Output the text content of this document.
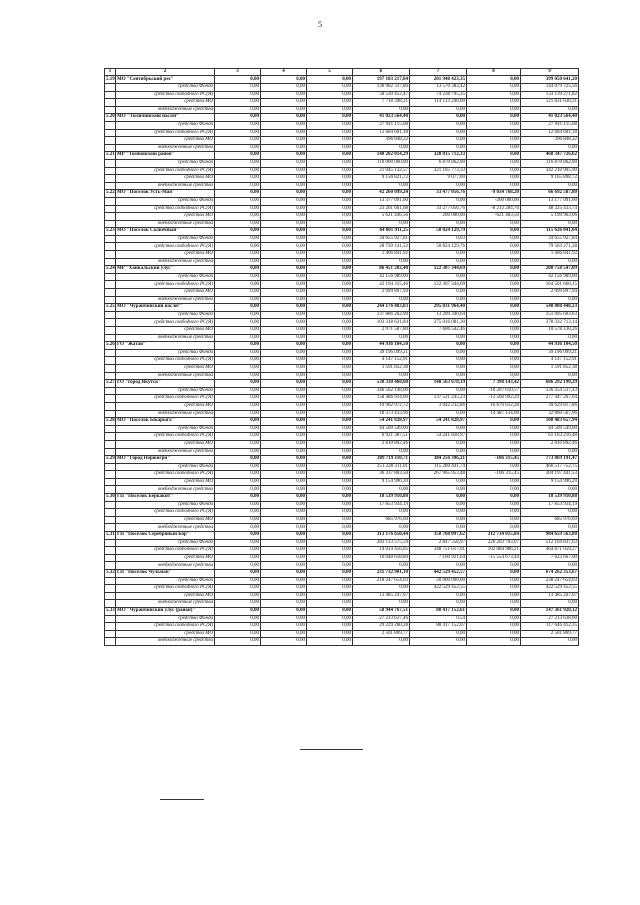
5
1	2	3	4	5	6	7	8	9
5.19	МО "Сентябрьский рес"	0,00	0,00	0,00	197 103 217,84	201 948 423,35	0,00	399 050 641,20
	средства Фонда	0,00	0,00	0,00	130 902 337,86	13 570 383,42	0,00	144 079 725,56
	средства свободного РС(Я)	0,00	0,00	0,00	58 530 452,47	74 238 795,35	0,00	133 139 271,82
	средства МО	0,00	0,00	0,00	7 718 398,21	114 113 240,00	0,00	121 831 638,21
	внебюджетные средства	0,00	0,00	0,00	0,00	0,00	0,00	0,00
5.20	МО "Тиличинский наслег"	0,00	0,00	0,00	41 023 564,40	0,00	0,00	41 023 564,40
	средства Фонда	0,00	0,00	0,00	27 941 115,08	0,00	0,00	27 941 115,08
	средства свободного РС(Я)	0,00	0,00	0,00	12 684 601,18	0,00	0,00	12 684 601,18
	средства МО	0,00	0,00	0,00	396 848,22	0,00	0,00	396 848,22
	внебюджетные средства	0,00	0,00	0,00	0,00	0,00	0,00	0,00
5.21	МР "Томпонский район"	0,00	0,00	0,00	140 202 014,29	328 015 712,33	0,00	468 347 726,62
	средства Фонда	0,00	0,00	0,00	110 000 060,00	6 870 862,00	0,00	116 870 862,00
	средства свободного РС(Я)	0,00	0,00	0,00	21 045 132,57	321 165 773,33	0,00	342 210 905,90
	средства МО	0,00	0,00	0,00	9 156 821,72	9 077,00	0,00	9 165 898,72
	внебюджетные средства	0,00	0,00	0,00	0,00	0,00	0,00	0,00
5.22	МО "Поселок Усть-Мая"	0,00	0,00	0,00	42 260 099,24	33 477 056,76	-9 034 768,20	66 692 587,80
	средства Фонда	0,00	0,00	0,00	13 377 091,00	0,00	-200 000,00	13 177 091,00
	средства свободного РС(Я)	0,00	0,00	0,00	23 261 661,68	33 277 056,76	-8 213 284,70	48 325 433,74
	средства МО	0,00	0,00	0,00	5 621 446,56	200 000,00	-621 483,50	5 199 963,06
	внебюджетные средства	0,00	0,00	0,00	0,00	0,00	0,00	0,00
5.23	МО "Поселок Солнечный"	0,00	0,00	0,00	64 801 911,25	50 824 129,79	0,00	115 626 041,04
	средства Фонда	0,00	0,00	0,00	34 655 927,81	0,03	0,00	34 655 927,84
	средства свободного РС(Я)	0,00	0,00	0,00	28 739 141,52	50 824 129,76	0,00	79 563 271,28
	средства МО	0,00	0,00	0,00	1 406 841,92	0,00	0,00	1 406 841,92
	внебюджетные средства	0,00	0,00	0,00	0,00	0,00	0,00	0,00
5.24	МР "Ханкальский улус"	0,00	0,00	0,00	86 451 202,40	122 307 344,69	0,00	208 758 547,09
	средства Фонда	0,00	0,00	0,00	42 156 989,00	0,00	0,00	42 156 989,00
	средства свободного РС(Я)	0,00	0,00	0,00	42 194 315,46	122 307 344,69	0,00	164 501 660,15
	средства МО	0,00	0,00	0,00	2 099 897,94	0,00	0,00	2 099 897,94
	внебюджетные средства	0,00	0,00	0,00	0,00	0,00	0,00	0,00
5.25	МО "Чурапчинский наслег"	0,00	0,00	0,00	244 176 483,83	295 831 964,40	0,00	540 008 448,23
	средства Фонда	0,00	0,00	0,00	137 886 262,99	13 209 340,64	0,00	151 095 603,63
	средства свободного РС(Я)	0,00	0,00	0,00	103 318 631,84	275 016 081,30	0,00	378 332 713,14
	средства МО	0,00	0,00	0,00	2 971 587,80	7 606 542,46	0,00	10 578 130,26
	внебюджетные средства	0,00	0,00	0,00	0,00	0,00	0,00	0,00
5.26	ГО "Жатай"	0,00	0,00	0,00	44 936 104,50	0,00	0,00	44 936 104,50
	средства Фонда	0,00	0,00	0,00	39 196 099,21	0,00	0,00	39 196 099,21
	средства свободного РС(Я)	0,00	0,00	0,00	4 147 152,91	0,00	0,00	4 147 152,91
	средства МО	0,00	0,00	0,00	1 591 852,38	0,00	0,00	1 591 852,38
	внебюджетные средства	0,00	0,00	0,00	0,00	0,00	0,00	0,00
5.27	ГО "город Якутск"	0,00	0,00	0,00	538 330 468,68	140 563 678,19	7 398 143,42	686 292 190,29
	средства Фонда	0,00	0,00	0,00	346 562 148,00	0,00	-10 207 610,57	336 354 537,43
	средства свободного РС(Я)	0,00	0,00	0,00	158 486 914,00	137 521 245,23	-13 560 992,29	277 447 267,04
	средства МО	0,00	0,00	0,00	19 902 972,72	3 042 232,86	16 679 612,28	39 629 817,86
	внебюджетные средства	0,00	0,00	0,00	18 373 433,96	0,00	14 487 134,00	32 860 567,96
5.28	МО "Поселок Ыкарыга"	0,00	0,00	0,00	54 241 828,97	54 241 828,97	0,00	108 483 657,94
	средства Фонда	0,00	0,00	0,00	44 509 549,00	0,00	0,00	44 509 549,00
	средства свободного РС(Я)	0,00	0,00	0,00	6 921 387,51	54 241 828,97	0,00	61 163 216,48
	средства МО	0,00	0,00	0,00	2 810 892,46	0,00	0,00	2 810 892,46
	внебюджетные средства	0,00	0,00	0,00	0,00	0,00	0,00	0,00
5.29	МО "Город Нерюнгри"	0,00	0,00	0,00	389 719 110,71	384 256 396,21	-106 315,45	773 869 191,47
	средства Фонда	0,00	0,00	0,00	351 228 311,01	115 289 441,74	0,00	466 517 752,75
	средства свободного РС(Я)	0,00	0,00	0,00	36 337 803,50	267 965 953,48	-106 315,45	304 197 441,53
	средства МО	0,00	0,00	0,00	9 154 996,20	0,00	0,00	9 154 996,20
	внебюджетные средства	0,00	0,00	0,00	0,00	0,00	0,00	0,00
5.30	ГП "Поселок Беркакит"	0,00	0,00	0,00	18 539 910,88	0,00	0,00	18 539 910,88
	средства Фонда	0,00	0,00	0,00	17 853 934,19	0,00	0,00	17 853 934,19
	средства свободного РС(Я)	0,00	0,00	0,00	0,00	0,00	0,00	0,00
	средства МО	0,00	0,00	0,00	685 976,69	0,00	0,00	685 976,69
	внебюджетные средства	0,00	0,00	0,00	0,00	0,00	0,00	0,00
5.31	ГП "Поселок Серебряный Бор"	0,00	0,00	0,00	313 176 650,44	358 760 097,62	312 734 015,84	984 659 563,80
	средства Фонда	0,00	0,00	0,00	283 113 575,59	2 847 558,97	226 203 703,07	512 164 837,63
	средства свободного РС(Я)	0,00	0,00	0,00	14 014 456,05	348 751 617,01	102 084 986,21	464 871 059,27
	средства МО	0,00	0,00	0,00	16 048 618,80	7 160 921,64	-15 554 673,44	7 623 667,00
	внебюджетные средства	0,00	0,00	0,00	0,00	0,00	0,00	0,00
5.32	ГП "Поселок Чульман"	0,00	0,00	0,00	231 732 901,10	442 529 452,57	0,00	674 262 353,67
	средства Фонда	0,00	0,00	0,00	218 247 654,03	20 000 090,00	0,00	238 247 654,03
	средства свободного РС(Я)	0,00	0,00	0,00	0,00	422 529 452,55	0,00	422 529 452,55
	средства МО	0,00	0,00	0,00	13 485 247,07	0,00	0,00	13 485 247,07
	внебюджетные средства	0,00	0,00	0,00	0,00	0,00	0,00	0,00
5.33	МО "Чурапчинский улус (район)"	0,00	0,00	0,00	58 944 767,51	88 417 152,61	0,00	147 361 920,12
	средства Фонда	0,00	0,00	0,00	27 213 637,46	0,54	0,00	27 213 638,00
	средства свободного РС(Я)	0,00	0,00	0,00	29 229 260,28	88 417 152,07	0,00	117 646 412,35
	средства МО	0,00	0,00	0,00	2 501 869,77	0,00	0,00	2 501 869,77
	внебюджетные средства	0,00	0,00	0,00	0,00	0,00	0,00	0,00
